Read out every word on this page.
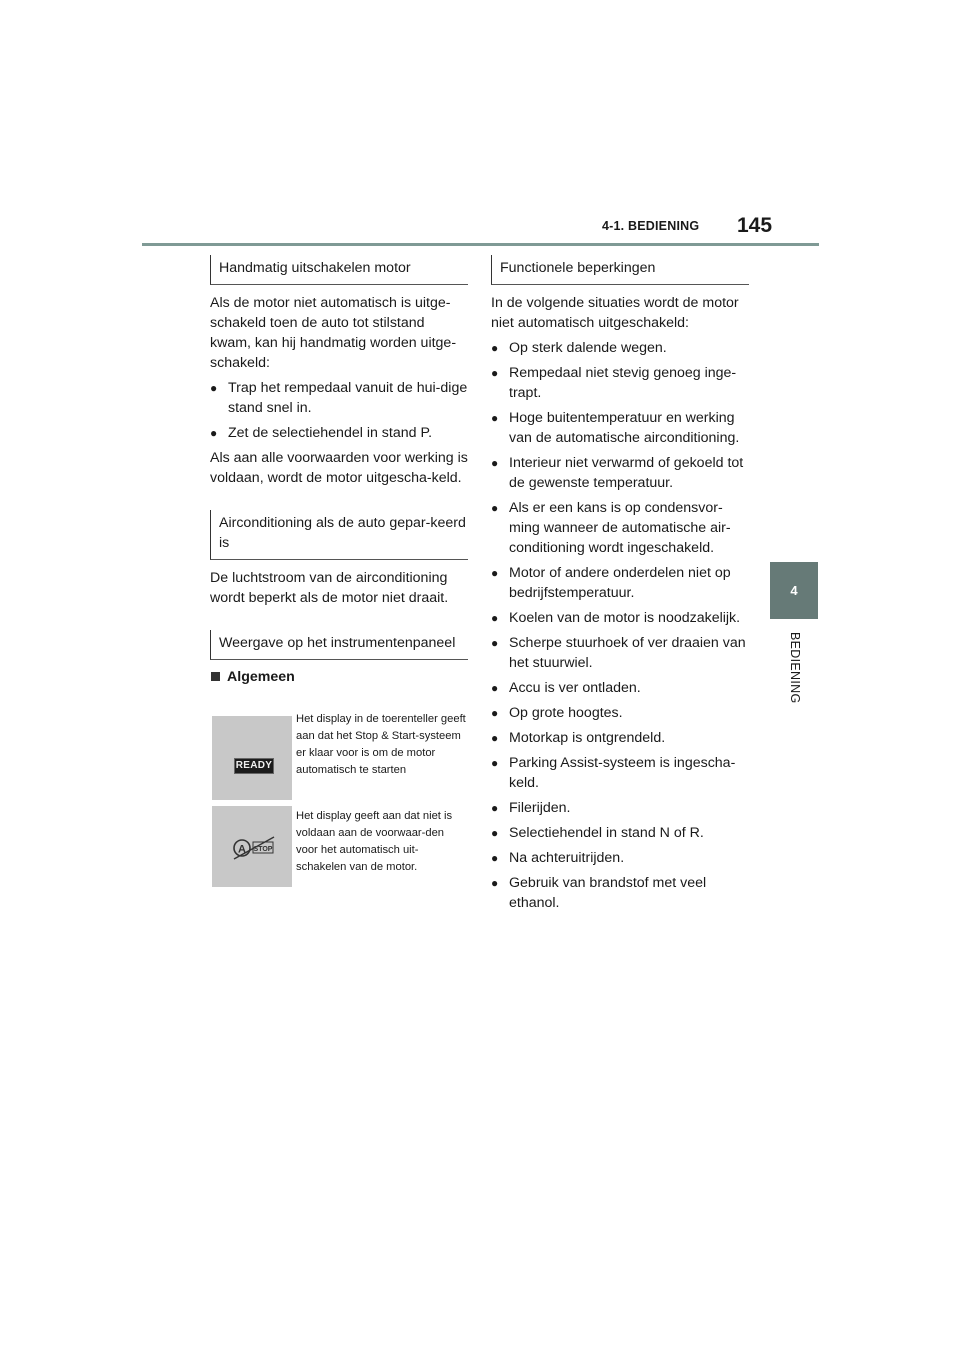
4-1. BEDIENING 145
4
BEDIENING
Handmatig uitschakelen motor

Als de motor niet automatisch is uitge-schakeld toen de auto tot stilstand kwam, kan hij handmatig worden uitge-schakeld:

● Trap het rempedaal vanuit de hui-dige stand snel in.
● Zet de selectiehendel in stand P.

Als aan alle voorwaarden voor werking is voldaan, wordt de motor uitgescha-keld.

Airconditioning als de auto gepar-keerd is

De luchtstroom van de airconditioning wordt beperkt als de motor niet draait.

Weergave op het instrumentenpaneel
Algemeen
READY
Het display in de toerenteller geeft aan dat het Stop & Start-systeem er klaar voor is om de motor automatisch te starten
A STOP
Het display geeft aan dat niet is voldaan aan de voorwaar-den voor het automatisch uit-schakelen van de motor.
Functionele beperkingen

In de volgende situaties wordt de motor niet automatisch uitgeschakeld:

● Op sterk dalende wegen.
● Rempedaal niet stevig genoeg inge-trapt.
● Hoge buitentemperatuur en werking van de automatische airconditioning.
● Interieur niet verwarmd of gekoeld tot de gewenste temperatuur.
● Als er een kans is op condensvor-ming wanneer de automatische air-conditioning wordt ingeschakeld.
● Motor of andere onderdelen niet op bedrijfstemperatuur.
● Koelen van de motor is noodzakelijk.
● Scherpe stuurhoek of ver draaien van het stuurwiel.
● Accu is ver ontladen.
● Op grote hoogtes.
● Motorkap is ontgrendeld.
● Parking Assist-systeem is ingescha-keld.
● Filerijden.
● Selectiehendel in stand N of R.
● Na achteruitrijden.
● Gebruik van brandstof met veel ethanol.
